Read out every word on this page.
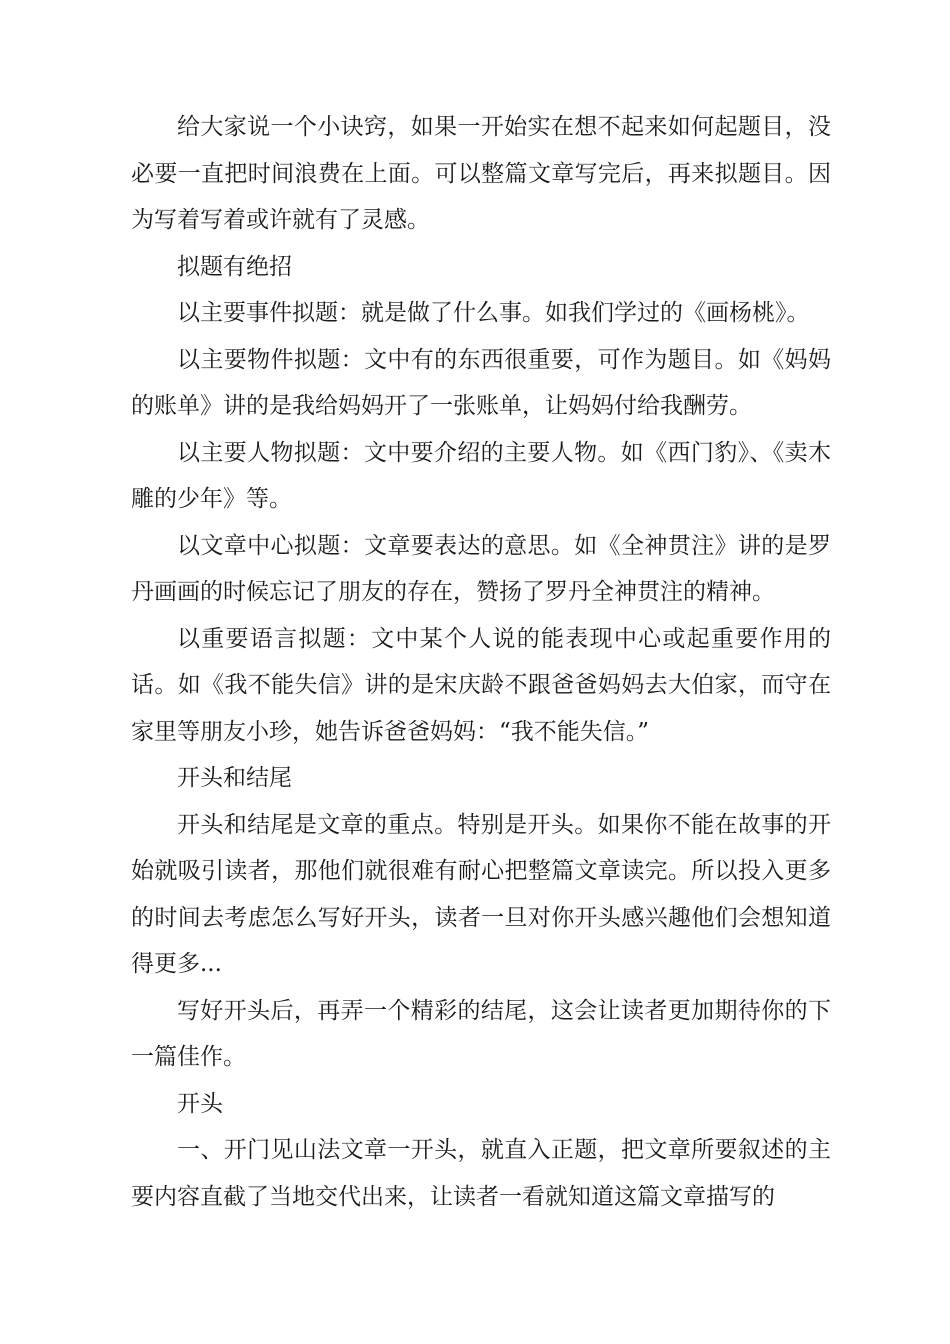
给大家说一个小诀窍，如果一开始实在想不起来如何起题目，没必要一直把时间浪费在上面。可以整篇文章写完后，再来拟题目。因为写着写着或许就有了灵感。

拟题有绝招

以主要事件拟题：就是做了什么事。如我们学过的《画杨桃》。

以主要物件拟题：文中有的东西很重要，可作为题目。如《妈妈的账单》讲的是我给妈妈开了一张账单，让妈妈付给我酬劳。

以主要人物拟题：文中要介绍的主要人物。如《西门豹》、《卖木雕的少年》等。

以文章中心拟题：文章要表达的意思。如《全神贯注》讲的是罗丹画画的时候忘记了朋友的存在，赞扬了罗丹全神贯注的精神。

以重要语言拟题：文中某个人说的能表现中心或起重要作用的话。如《我不能失信》讲的是宋庆龄不跟爸爸妈妈去大伯家，而守在家里等朋友小珍，她告诉爸爸妈妈：“我不能失信。”

开头和结尾

开头和结尾是文章的重点。特别是开头。如果你不能在故事的开始就吸引读者，那他们就很难有耐心把整篇文章读完。所以投入更多的时间去考虑怎么写好开头，读者一旦对你开头感兴趣他们会想知道得更多...

写好开头后，再弄一个精彩的结尾，这会让读者更加期待你的下一篇佳作。

开头

一、开门见山法文章一开头，就直入正题，把文章所要叙述的主要内容直截了当地交代出来，让读者一看就知道这篇文章描写的
